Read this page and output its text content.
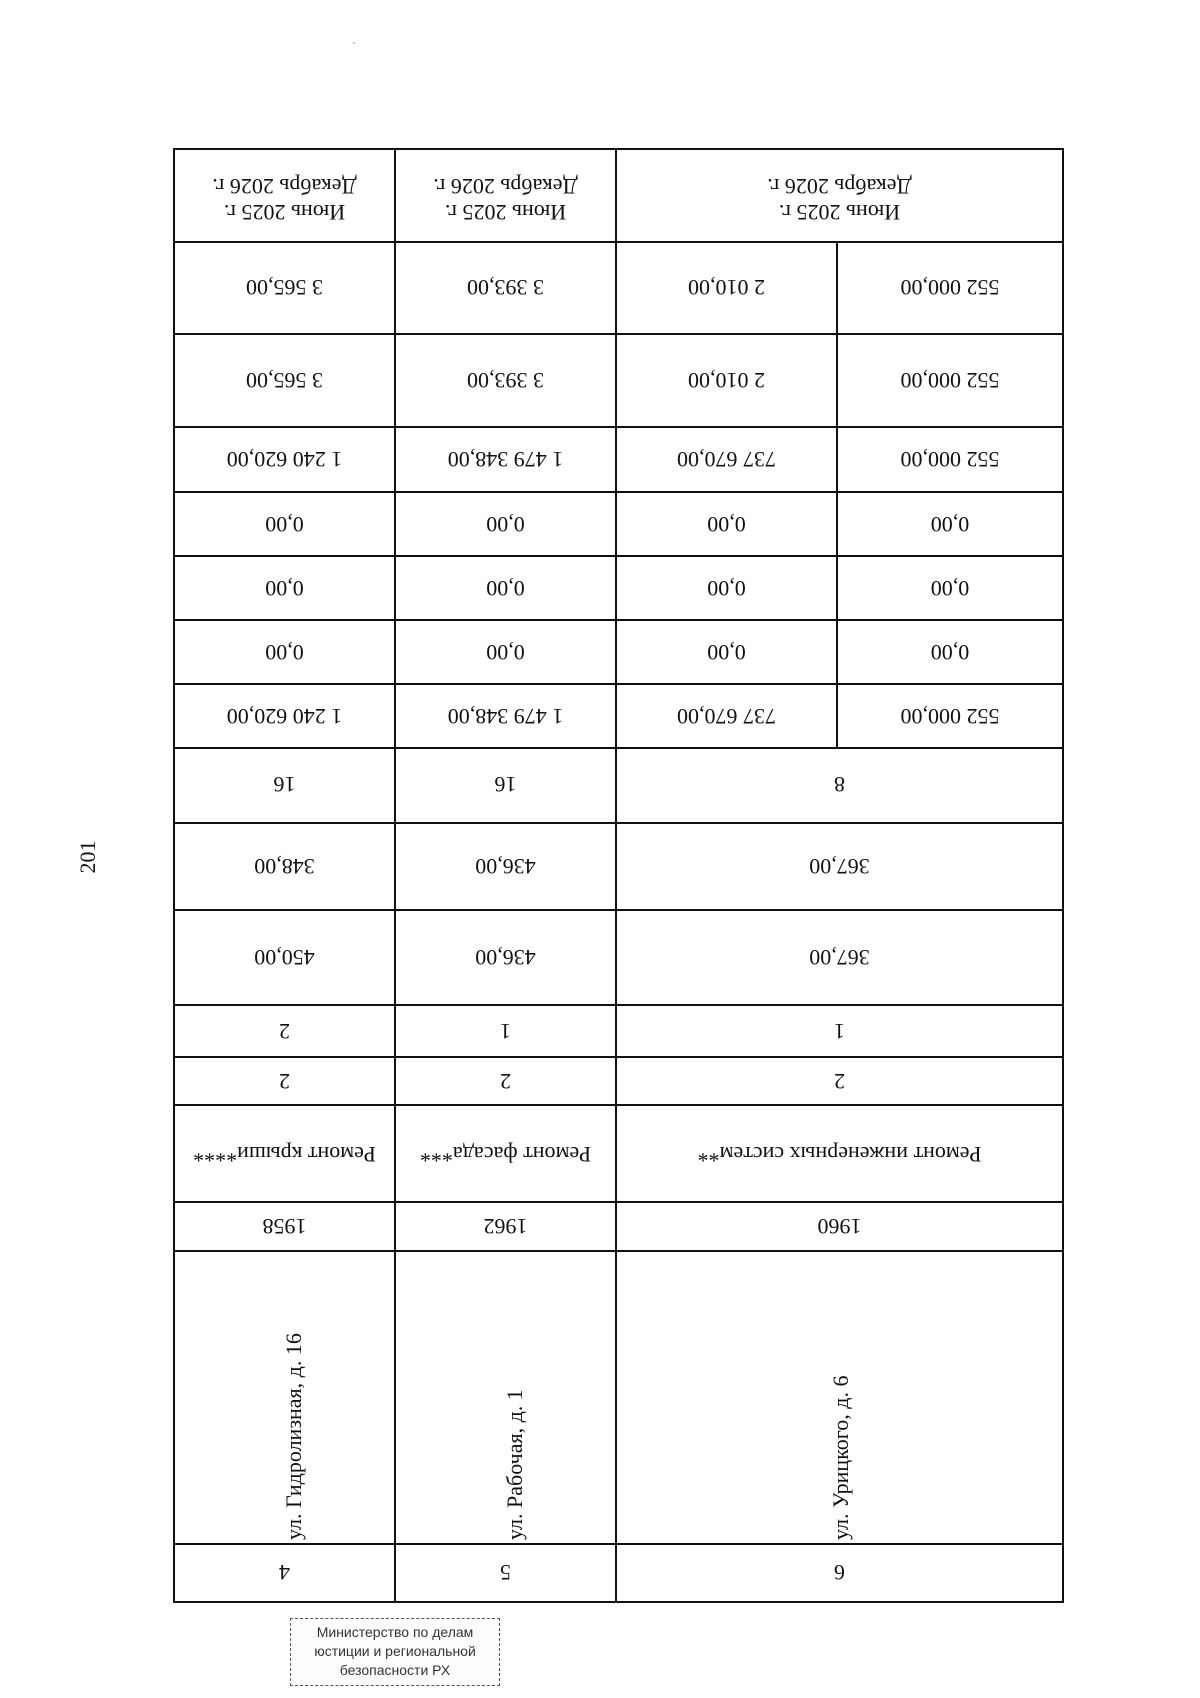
201
Июнь 2025 г.
Декабрь 2026 г.
Июнь 2025 г.
Декабрь 2026 г.
Июнь 2025 г.
Декабрь 2026 г.
552 000,00
2 010,00
3 393,00
3 565,00
552 000,00
2 010,00
3 393,00
3 565,00
552 000,00
737 670,00
1 479 348,00
1 240 620,00
0,00
0,00
0,00
0,00
0,00
0,00
0,00
0,00
0,00
0,00
0,00
0,00
552 000,00
737 670,00
1 479 348,00
1 240 620,00
8
16
16
367,00
436,00
348,00
367,00
436,00
450,00
1
1
2
2
2
2
Ремонт инженерных систем**
Ремонт фасада***
Ремонт крыши****
1960
1962
1958
ул. Урицкого, д. 6
ул. Рабочая, д. 1
ул. Гидролизная, д. 16
6
5
4
Министерство по делам
юстиции и региональной
безопасности РХ
